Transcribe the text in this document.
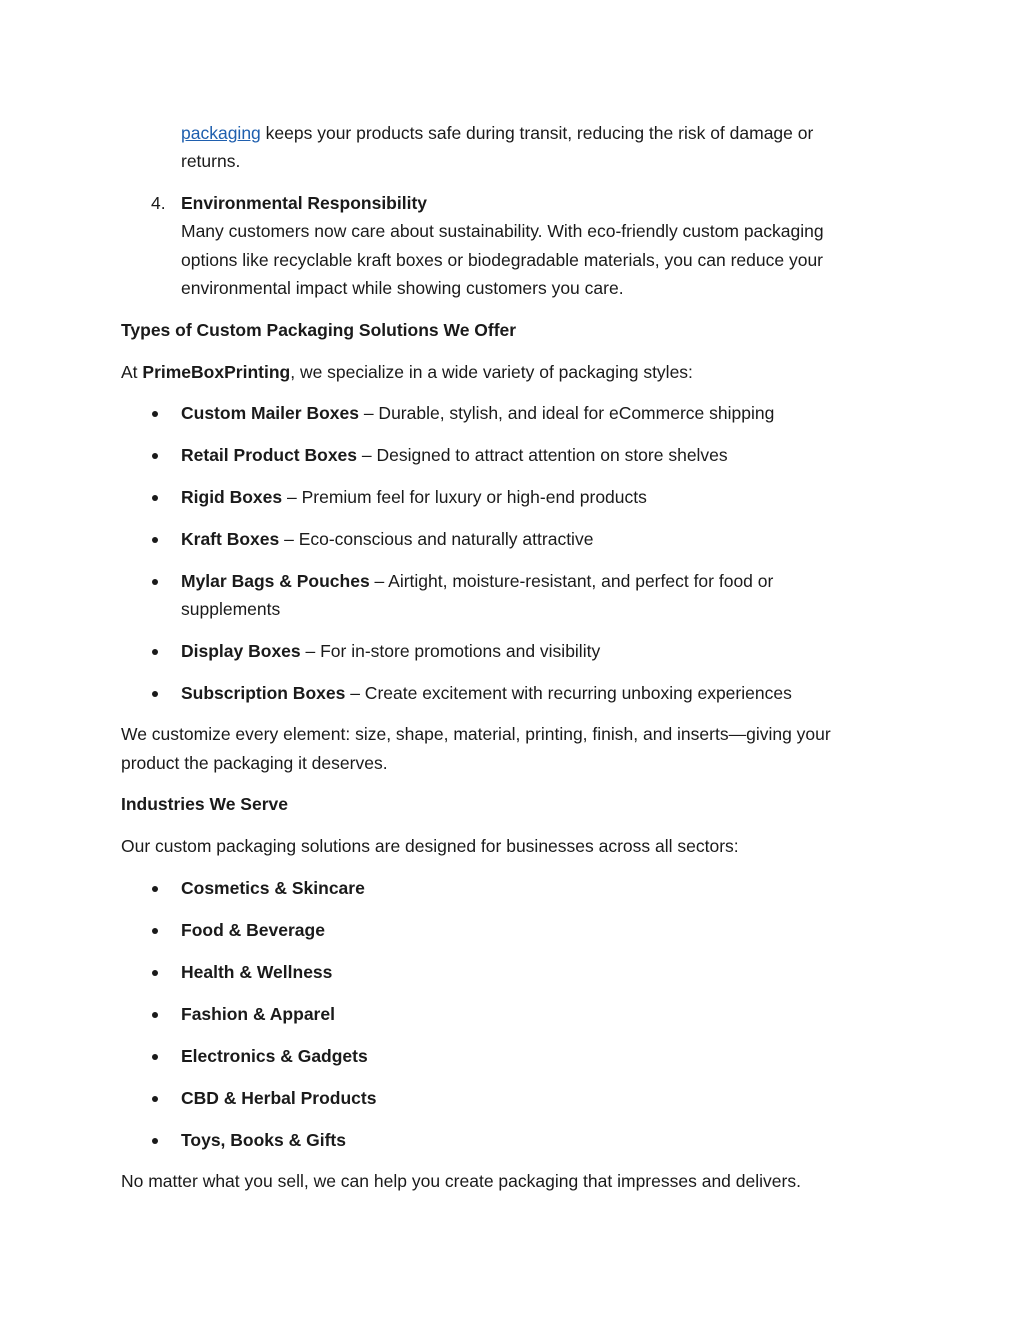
packaging keeps your products safe during transit, reducing the risk of damage or
returns.
4. Environmental Responsibility
Many customers now care about sustainability. With eco-friendly custom packaging
options like recyclable kraft boxes or biodegradable materials, you can reduce your
environmental impact while showing customers you care.
Types of Custom Packaging Solutions We Offer
At PrimeBoxPrinting, we specialize in a wide variety of packaging styles:
Custom Mailer Boxes – Durable, stylish, and ideal for eCommerce shipping
Retail Product Boxes – Designed to attract attention on store shelves
Rigid Boxes – Premium feel for luxury or high-end products
Kraft Boxes – Eco-conscious and naturally attractive
Mylar Bags & Pouches – Airtight, moisture-resistant, and perfect for food or
supplements
Display Boxes – For in-store promotions and visibility
Subscription Boxes – Create excitement with recurring unboxing experiences
We customize every element: size, shape, material, printing, finish, and inserts—giving your
product the packaging it deserves.
Industries We Serve
Our custom packaging solutions are designed for businesses across all sectors:
Cosmetics & Skincare
Food & Beverage
Health & Wellness
Fashion & Apparel
Electronics & Gadgets
CBD & Herbal Products
Toys, Books & Gifts
No matter what you sell, we can help you create packaging that impresses and delivers.
